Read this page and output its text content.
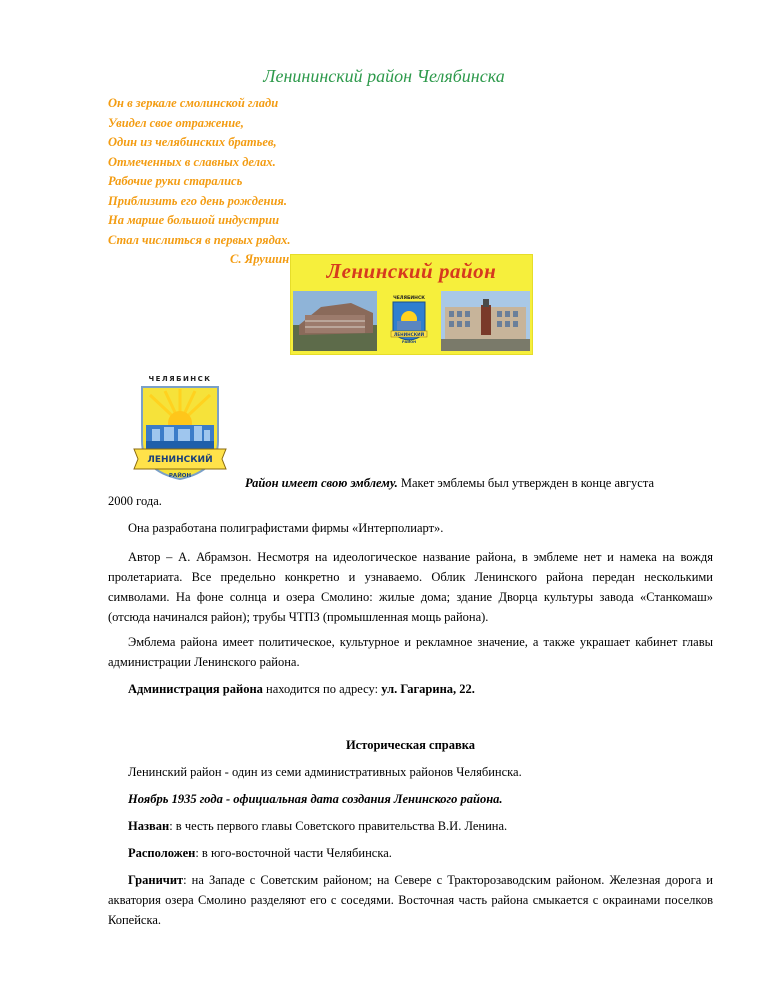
Ленининский район Челябинска
Он в зеркале смолинской глади
Увидел свое отражение,
Один из челябинских братьев,
Отмеченных в славных делах.
Рабочие руки старались
Приблизить его день рождения.
На марше большой индустрии
Стал числиться в первых рядах.
С. Ярушин	Ленинский район
ЧЕЛЯБИНСК
ЛЕНИНСКИЙ
РАЙОН
ЧЕЛЯБИНСК
ЛЕНИНСКИЙ
РАЙОН	Район имеет свою эмблему. Макет эмблемы был утвержден в конце августа
2000 года.
Она разработана полиграфистами фирмы «Интерполиарт».
Автор – А. Абрамзон. Несмотря на идеологическое название района, в эмблеме нет и намека на вождя пролетариата. Все предельно конкретно и узнаваемо. Облик Ленинского района передан несколькими символами. На фоне солнца и озера Смолино: жилые дома; здание Дворца культуры завода «Станкомаш» (отсюда начинался район); трубы ЧТПЗ (промышленная мощь района).
Эмблема района имеет политическое, культурное и рекламное значение, а также украшает кабинет главы администрации Ленинского района.
Администрация района находится по адресу: ул. Гагарина, 22.
Историческая справка
Ленинский район - один из семи административных районов Челябинска.
Ноябрь 1935 года - официальная дата создания Ленинского района.
Назван: в честь первого главы Советского правительства В.И. Ленина.
Расположен: в юго-восточной части Челябинска.
Граничит: на Западе с Советским районом; на Севере с Тракторозаводским районом. Железная дорога и акватория озера Смолино разделяют его с соседями. Восточная часть района смыкается с окраинами поселков Копейска.
